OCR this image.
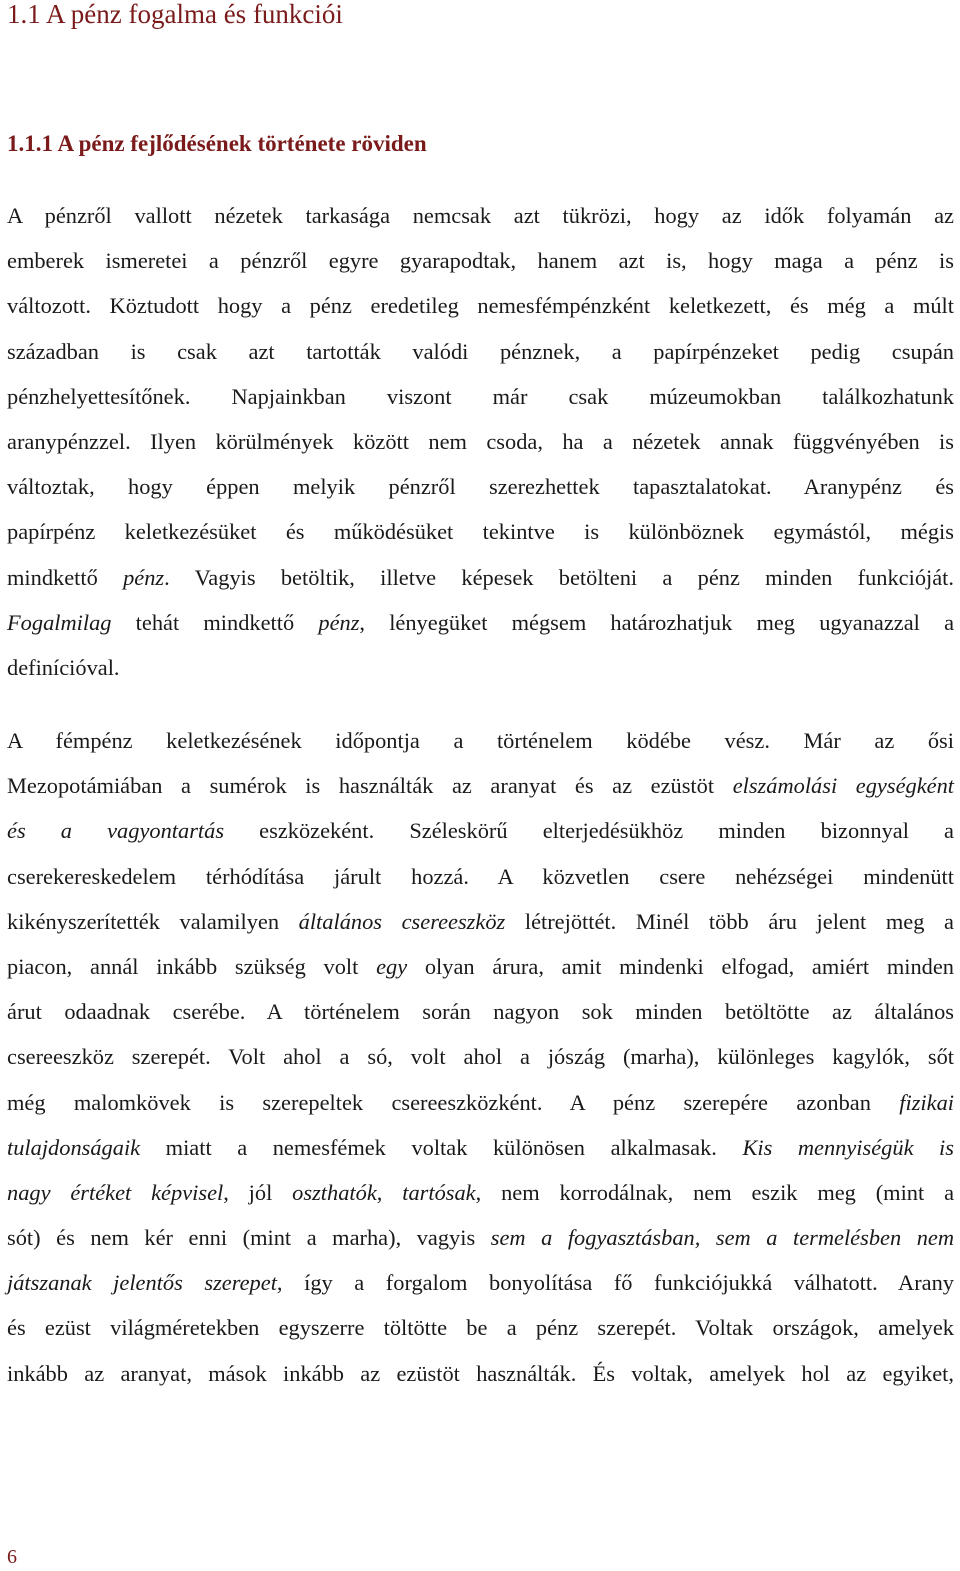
1.1 A pénz fogalma és funkciói
1.1.1 A pénz fejlődésének története röviden
A pénzről vallott nézetek tarkasága nemcsak azt tükrözi, hogy az idők folyamán az
emberek ismeretei a pénzről egyre gyarapodtak, hanem azt is, hogy maga a pénz is
változott. Köztudott hogy a pénz eredetileg nemesfémpénzként keletkezett, és még a múlt
században is csak azt tartották valódi pénznek, a papírpénzeket pedig csupán
pénzhelyettesítőnek. Napjainkban viszont már csak múzeumokban találkozhatunk
aranypénzzel. Ilyen körülmények között nem csoda, ha a nézetek annak függvényében is
változtak, hogy éppen melyik pénzről szerezhettek tapasztalatokat. Aranypénz és
papírpénz keletkezésüket és működésüket tekintve is különböznek egymástól, mégis
mindkettő pénz. Vagyis betöltik, illetve képesek betölteni a pénz minden funkcióját.
Fogalmilag tehát mindkettő pénz, lényegüket mégsem határozhatjuk meg ugyanazzal a
definícióval.
A fémpénz keletkezésének időpontja a történelem ködébe vész. Már az ősi
Mezopotámiában a sumérok is használták az aranyat és az ezüstöt elszámolási egységként
és a vagyontartás eszközeként. Széleskörű elterjedésükhöz minden bizonnyal a
cserekereskedelem térhódítása járult hozzá. A közvetlen csere nehézségei mindenütt
kikényszerítették valamilyen általános csereeszköz létrejöttét. Minél több áru jelent meg a
piacon, annál inkább szükség volt egy olyan árura, amit mindenki elfogad, amiért minden
árut odaadnak cserébe. A történelem során nagyon sok minden betöltötte az általános
csereeszköz szerepét. Volt ahol a só, volt ahol a jószág (marha), különleges kagylók, sőt
még malomkövek is szerepeltek csereeszközként. A pénz szerepére azonban fizikai
tulajdonságaik miatt a nemesfémek voltak különösen alkalmasak. Kis mennyiségük is
nagy értéket képvisel, jól oszthatók, tartósak, nem korrodálnak, nem eszik meg (mint a
sót) és nem kér enni (mint a marha), vagyis sem a fogyasztásban, sem a termelésben nem
játszanak jelentős szerepet, így a forgalom bonyolítása fő funkciójukká válhatott. Arany
és ezüst világméretekben egyszerre töltötte be a pénz szerepét. Voltak országok, amelyek
inkább az aranyat, mások inkább az ezüstöt használták. És voltak, amelyek hol az egyiket,
6
